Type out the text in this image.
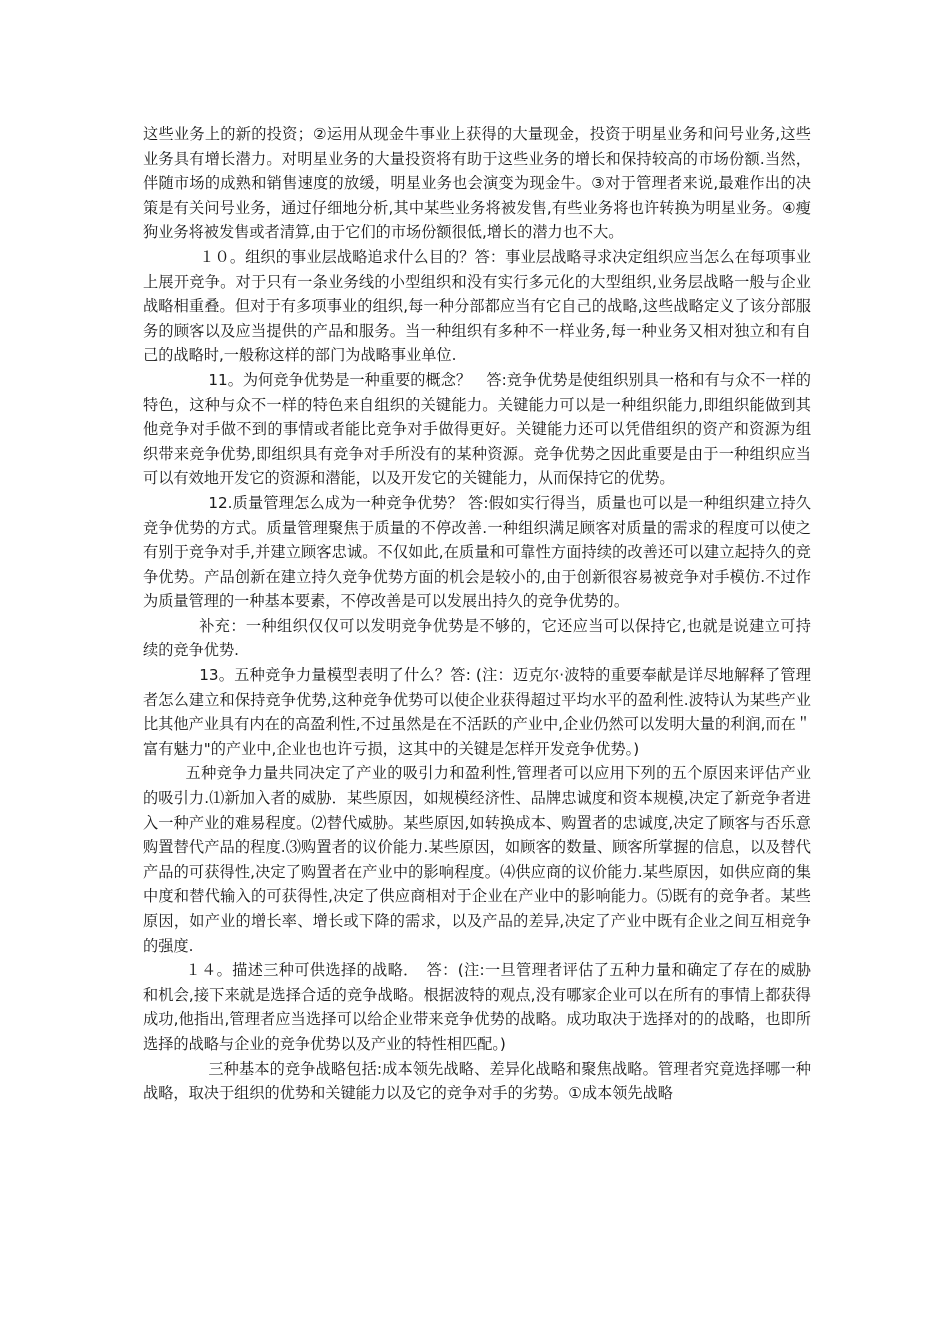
这些业务上的新的投资；②运用从现金牛事业上获得的大量现金，投资于明星业务和问号业务,这些业务具有增长潜力。对明星业务的大量投资将有助于这些业务的增长和保持较高的市场份额.当然，伴随市场的成熟和销售速度的放缓，明星业务也会演变为现金牛。③对于管理者来说,最难作出的决策是有关问号业务，通过仔细地分析,其中某些业务将被发售,有些业务将也许转换为明星业务。④瘦狗业务将被发售或者清算,由于它们的市场份额很低,增长的潜力也不大。

１０。组织的事业层战略追求什么目的？答：事业层战略寻求决定组织应当怎么在每项事业上展开竞争。对于只有一条业务线的小型组织和没有实行多元化的大型组织,业务层战略一般与企业战略相重叠。但对于有多项事业的组织,每一种分部都应当有它自己的战略,这些战略定义了该分部服务的顾客以及应当提供的产品和服务。当一种组织有多种不一样业务,每一种业务又相对独立和有自己的战略时,一般称这样的部门为战略事业单位.

11。为何竞争优势是一种重要的概念？　答:竞争优势是使组织别具一格和有与众不一样的特色，这种与众不一样的特色来自组织的关键能力。关键能力可以是一种组织能力,即组织能做到其他竞争对手做不到的事情或者能比竞争对手做得更好。关键能力还可以凭借组织的资产和资源为组织带来竞争优势,即组织具有竞争对手所没有的某种资源。竞争优势之因此重要是由于一种组织应当可以有效地开发它的资源和潜能，以及开发它的关键能力，从而保持它的优势。

12.质量管理怎么成为一种竞争优势？ 答:假如实行得当，质量也可以是一种组织建立持久竞争优势的方式。质量管理聚焦于质量的不停改善.一种组织满足顾客对质量的需求的程度可以使之有别于竞争对手,并建立顾客忠诚。不仅如此,在质量和可靠性方面持续的改善还可以建立起持久的竞争优势。产品创新在建立持久竞争优势方面的机会是较小的,由于创新很容易被竞争对手模仿.不过作为质量管理的一种基本要素，不停改善是可以发展出持久的竞争优势的。

补充：一种组织仅仅可以发明竞争优势是不够的，它还应当可以保持它,也就是说建立可持续的竞争优势.

13。五种竞争力量模型表明了什么？答: (注：迈克尔·波特的重要奉献是详尽地解释了管理者怎么建立和保持竞争优势,这种竞争优势可以使企业获得超过平均水平的盈利性.波特认为某些产业比其他产业具有内在的高盈利性,不过虽然是在不活跃的产业中,企业仍然可以发明大量的利润,而在＂富有魅力"的产业中,企业也也许亏损，这其中的关键是怎样开发竞争优势。)

五种竞争力量共同决定了产业的吸引力和盈利性,管理者可以应用下列的五个原因来评估产业的吸引力.⑴新加入者的威胁．某些原因，如规模经济性、品牌忠诚度和资本规模,决定了新竞争者进入一种产业的难易程度。⑵替代威胁。某些原因,如转换成本、购置者的忠诚度,决定了顾客与否乐意购置替代产品的程度.⑶购置者的议价能力.某些原因，如顾客的数量、顾客所掌握的信息，以及替代产品的可获得性,决定了购置者在产业中的影响程度。⑷供应商的议价能力.某些原因，如供应商的集中度和替代输入的可获得性,决定了供应商相对于企业在产业中的影响能力。⑸既有的竞争者。某些原因，如产业的增长率、增长或下降的需求，以及产品的差异,决定了产业中既有企业之间互相竞争的强度.

１４。描述三种可供选择的战略．　答：(注:一旦管理者评估了五种力量和确定了存在的威胁和机会,接下来就是选择合适的竞争战略。根据波特的观点,没有哪家企业可以在所有的事情上都获得成功,他指出,管理者应当选择可以给企业带来竞争优势的战略。成功取决于选择对的的战略，也即所选择的战略与企业的竞争优势以及产业的特性相匹配。)

三种基本的竞争战略包括:成本领先战略、差异化战略和聚焦战略。管理者究竟选择哪一种战略，取决于组织的优势和关键能力以及它的竞争对手的劣势。①成本领先战略
